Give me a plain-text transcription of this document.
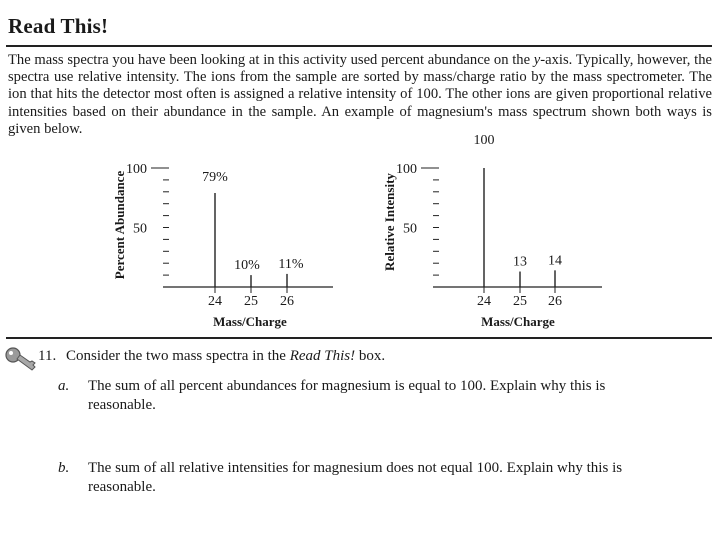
Read This!
The mass spectra you have been looking at in this activity used percent abundance on the y-axis. Typically, however, the spectra use relative intensity. The ions from the sample are sorted by mass/charge ratio by the mass spectrometer. The ion that hits the detector most often is assigned a relative intensity of 100. The other ions are given proportional relative intensities based on their abundance in the sample. An example of magnesium's mass spectrum shown both ways is given below.
100
50
Percent Abundance
24
79%
25
10%
26
11%
Mass/Charge
100
50
Relative Intensity
24
100
25
13
26
14
Mass/Charge
11. Consider the two mass spectra in the Read This! box.
a. The sum of all percent abundances for magnesium is equal to 100. Explain why this is
reasonable.
b. The sum of all relative intensities for magnesium does not equal 100. Explain why this is
reasonable.
